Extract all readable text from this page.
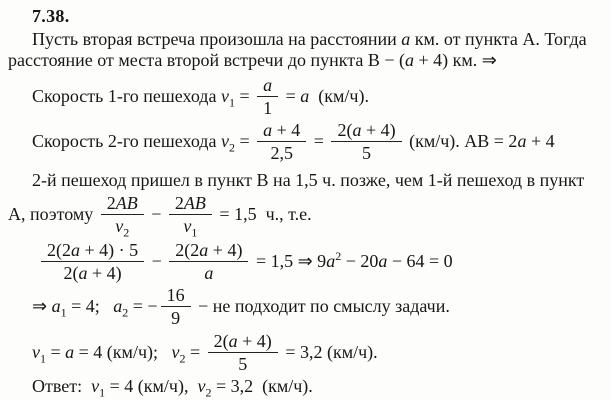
7.38.
Пусть вторая встреча произошла на расстоянии a км. от пункта А. Тогда
расстояние от места второй встречи до пункта В − (a + 4) км. ⇒
Скорость 1-го пешехода $v_1 = \frac{a}{1} = a$ (км/ч).
Скорость 2-го пешехода $v_2 = \frac{a + 4}{2,5} = \frac{2(a + 4)}{5} (км/ч)$. АВ = 2 a + 4
2-й пешеход пришел в пункт В на 1,5 ч. позже, чем 1-й пешеход в пункт
А, поэтому $\frac{2AB}{v_2} - \frac{2AB}{v_1} = 1,5$  ч., т.е.
$\frac{2(2a + 4) \cdot 5}{2(a + 4)} - \frac{2(2a + 4)}{a} = 1,5$ ⇒ 9 $a^2 - 20$ a − 64 = 0
⇒ $a_1 = 4$; $a_2$ = − $\frac{16}{9}$ − не подходит по смыслу задачи.
$v_1 = a = 4$ (км/ч); $v_2 = \frac{2(a + 4)}{5} = 3,2$ (км/ч).
Ответ: $v_1 = 4$ (км/ч), $v_2 = 3,2$  (км/ч).
